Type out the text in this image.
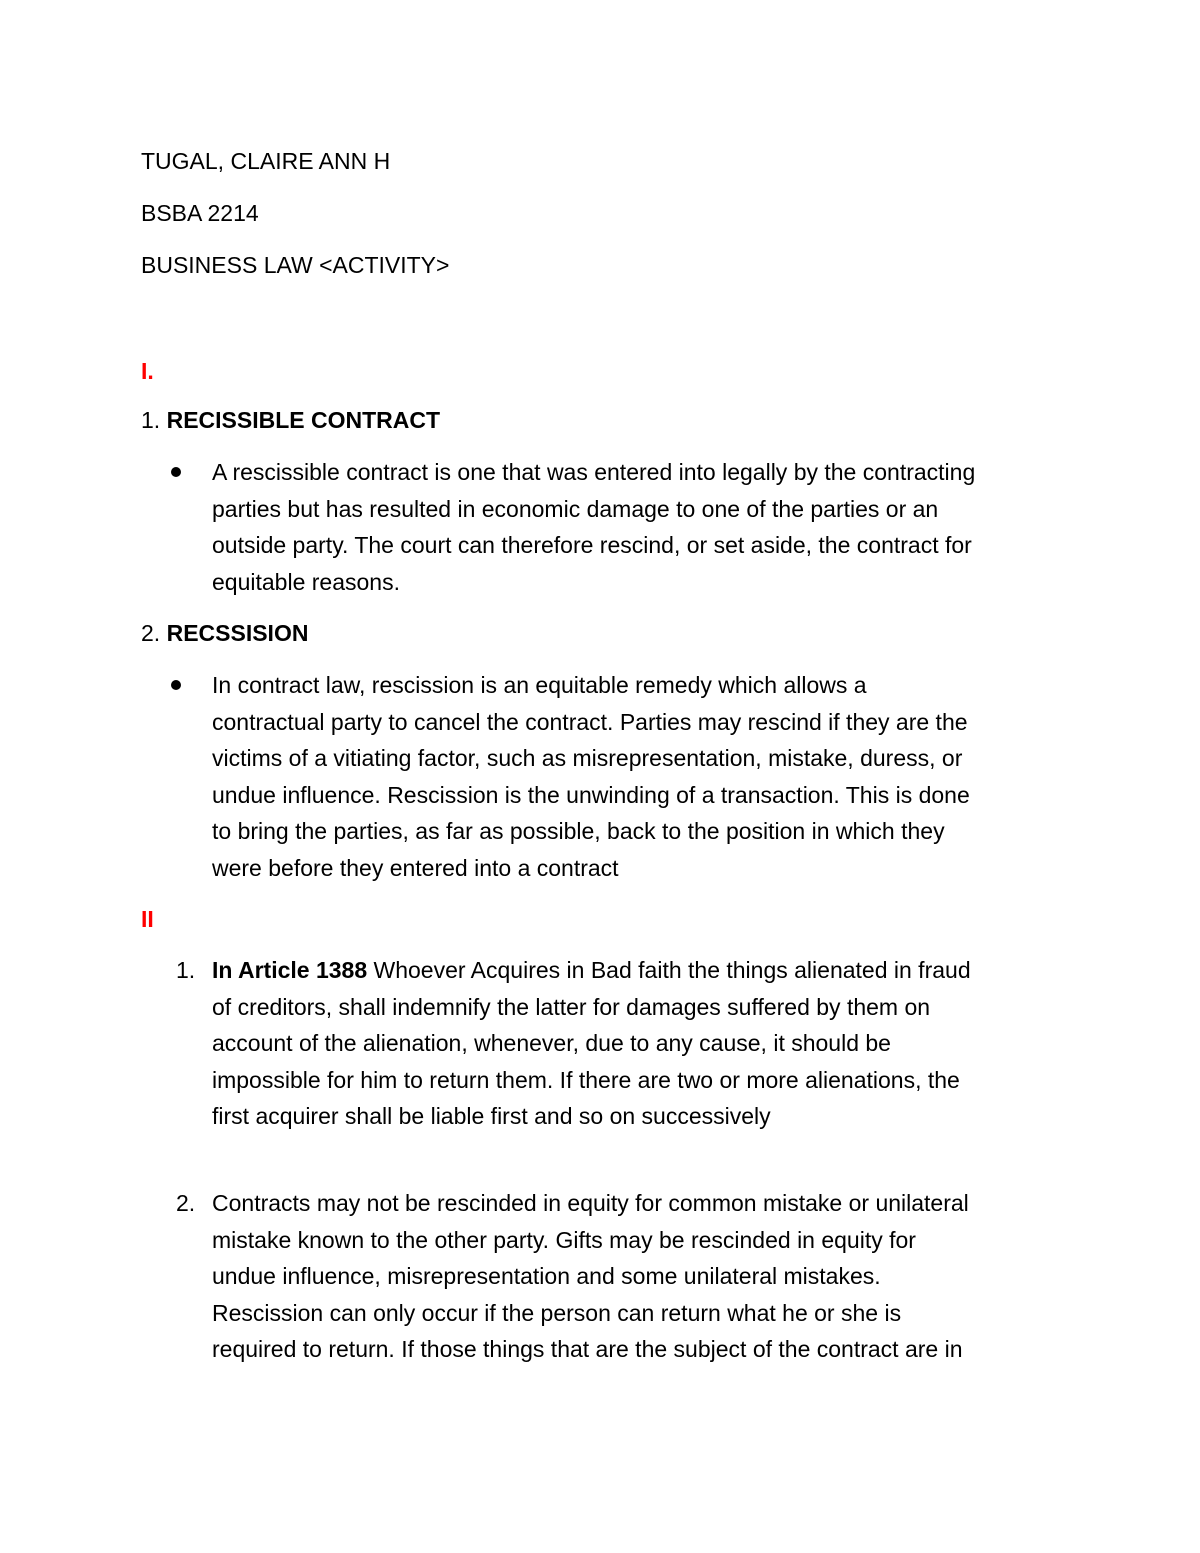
TUGAL, CLAIRE ANN H
BSBA 2214
BUSINESS LAW <ACTIVITY>
I.
1. RECISSIBLE CONTRACT
A rescissible contract is one that was entered into legally by the contracting
parties but has resulted in economic damage to one of the parties or an
outside party. The court can therefore rescind, or set aside, the contract for
equitable reasons.
2. RECSSISION
In contract law, rescission is an equitable remedy which allows a
contractual party to cancel the contract. Parties may rescind if they are the
victims of a vitiating factor, such as misrepresentation, mistake, duress, or
undue influence. Rescission is the unwinding of a transaction. This is done
to bring the parties, as far as possible, back to the position in which they
were before they entered into a contract
II
1. In Article 1388 Whoever Acquires in Bad faith the things alienated in fraud
of creditors, shall indemnify the latter for damages suffered by them on
account of the alienation, whenever, due to any cause, it should be
impossible for him to return them. If there are two or more alienations, the
first acquirer shall be liable first and so on successively
2. Contracts may not be rescinded in equity for common mistake or unilateral
mistake known to the other party. Gifts may be rescinded in equity for
undue influence, misrepresentation and some unilateral mistakes.
Rescission can only occur if the person can return what he or she is
required to return. If those things that are the subject of the contract are in
